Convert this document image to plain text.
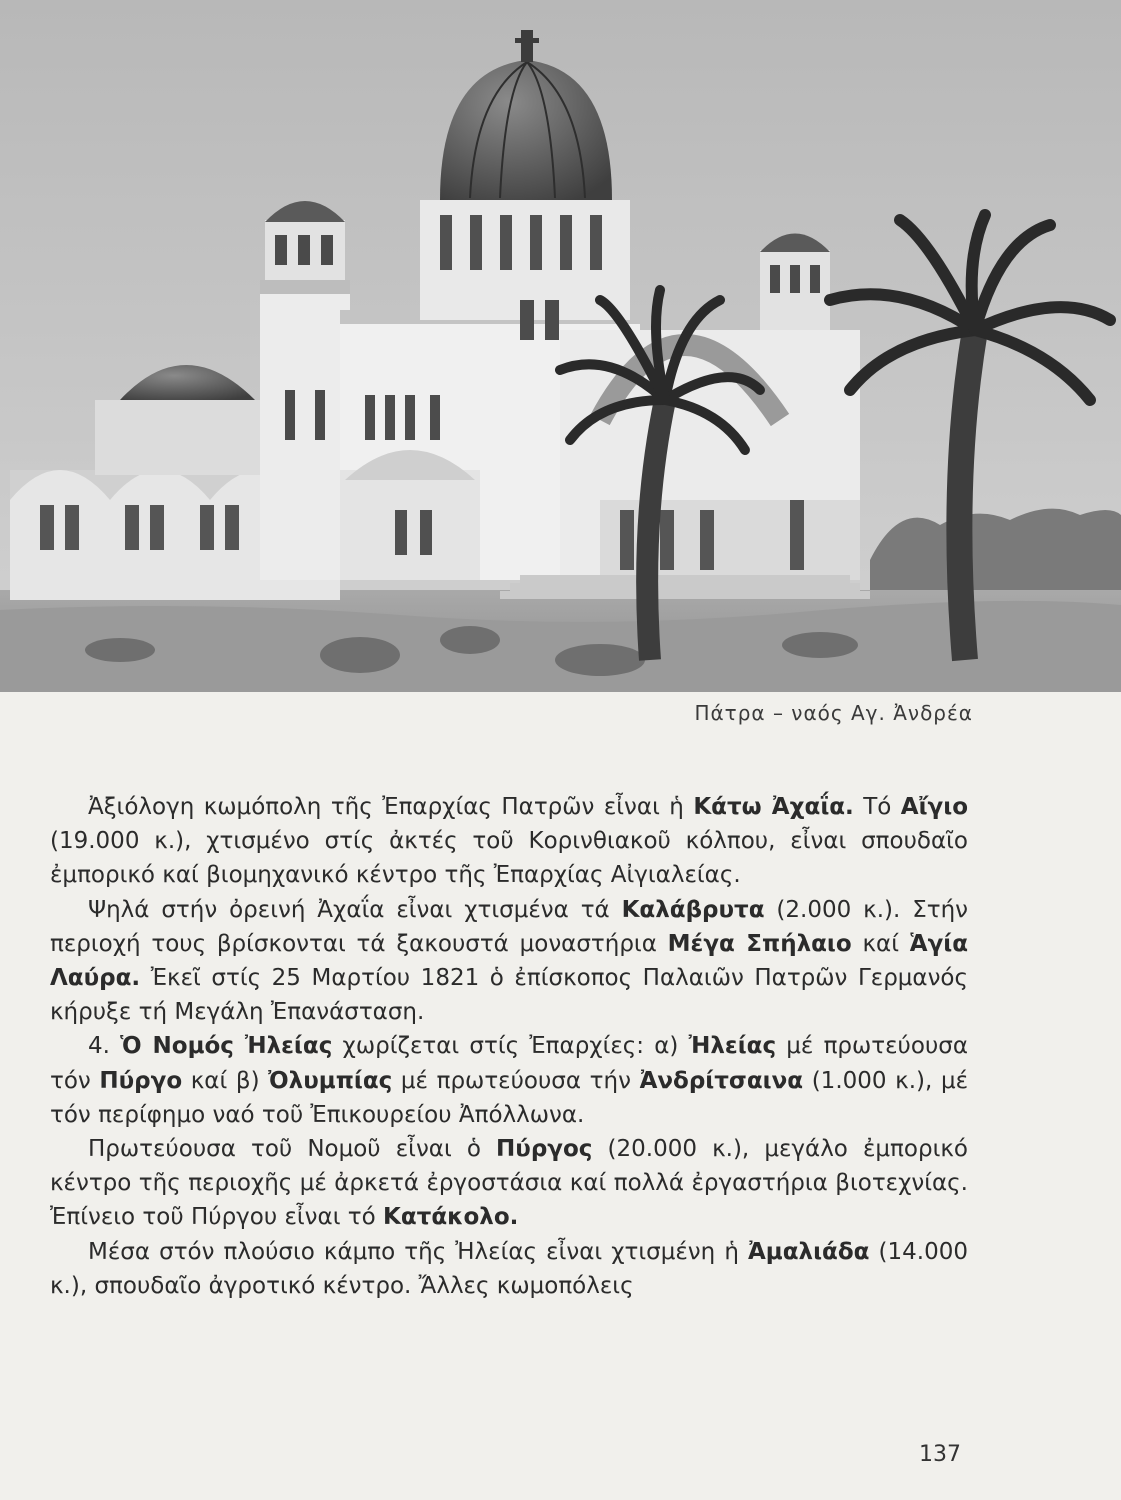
Πάτρα – ναός Αγ. Ἀνδρέα

Ἀξιόλογη κωμόπολη τῆς Ἐπαρχίας Πατρῶν εἶναι ἡ Κάτω Ἀχαΐα. Τό Αἴγιο (19.000 κ.), χτισμένο στίς ἀκτές τοῦ Κορινθιακοῦ κόλπου, εἶναι σπουδαῖο ἐμπορικό καί βιομηχανικό κέντρο τῆς Ἐπαρχίας Αἰγιαλείας.

Ψηλά στήν ὀρεινή Ἀχαΐα εἶναι χτισμένα τά Καλάβρυτα (2.000 κ.). Στήν περιοχή τους βρίσκονται τά ξακουστά μοναστήρια Μέγα Σπήλαιο καί Ἁγία Λαύρα. Ἐκεῖ στίς 25 Μαρτίου 1821 ὁ ἐπίσκοπος Παλαιῶν Πατρῶν Γερμανός κήρυξε τή Μεγάλη Ἐπανάσταση.

4. Ὁ Νομός Ἠλείας χωρίζεται στίς Ἐπαρχίες: α) Ἠλείας μέ πρωτεύουσα τόν Πύργο καί β) Ὀλυμπίας μέ πρωτεύουσα τήν Ἀνδρίτσαινα (1.000 κ.), μέ τόν περίφημο ναό τοῦ Ἐπικουρείου Ἀπόλλωνα.

Πρωτεύουσα τοῦ Νομοῦ εἶναι ὁ Πύργος (20.000 κ.), μεγάλο ἐμπορικό κέντρο τῆς περιοχῆς μέ ἀρκετά ἐργοστάσια καί πολλά ἐργαστήρια βιοτεχνίας. Ἐπίνειο τοῦ Πύργου εἶναι τό Κατάκολο.

Μέσα στόν πλούσιο κάμπο τῆς Ἠλείας εἶναι χτισμένη ἡ Ἀμαλιάδα (14.000 κ.), σπουδαῖο ἀγροτικό κέντρο. Ἄλλες κωμοπόλεις

137
